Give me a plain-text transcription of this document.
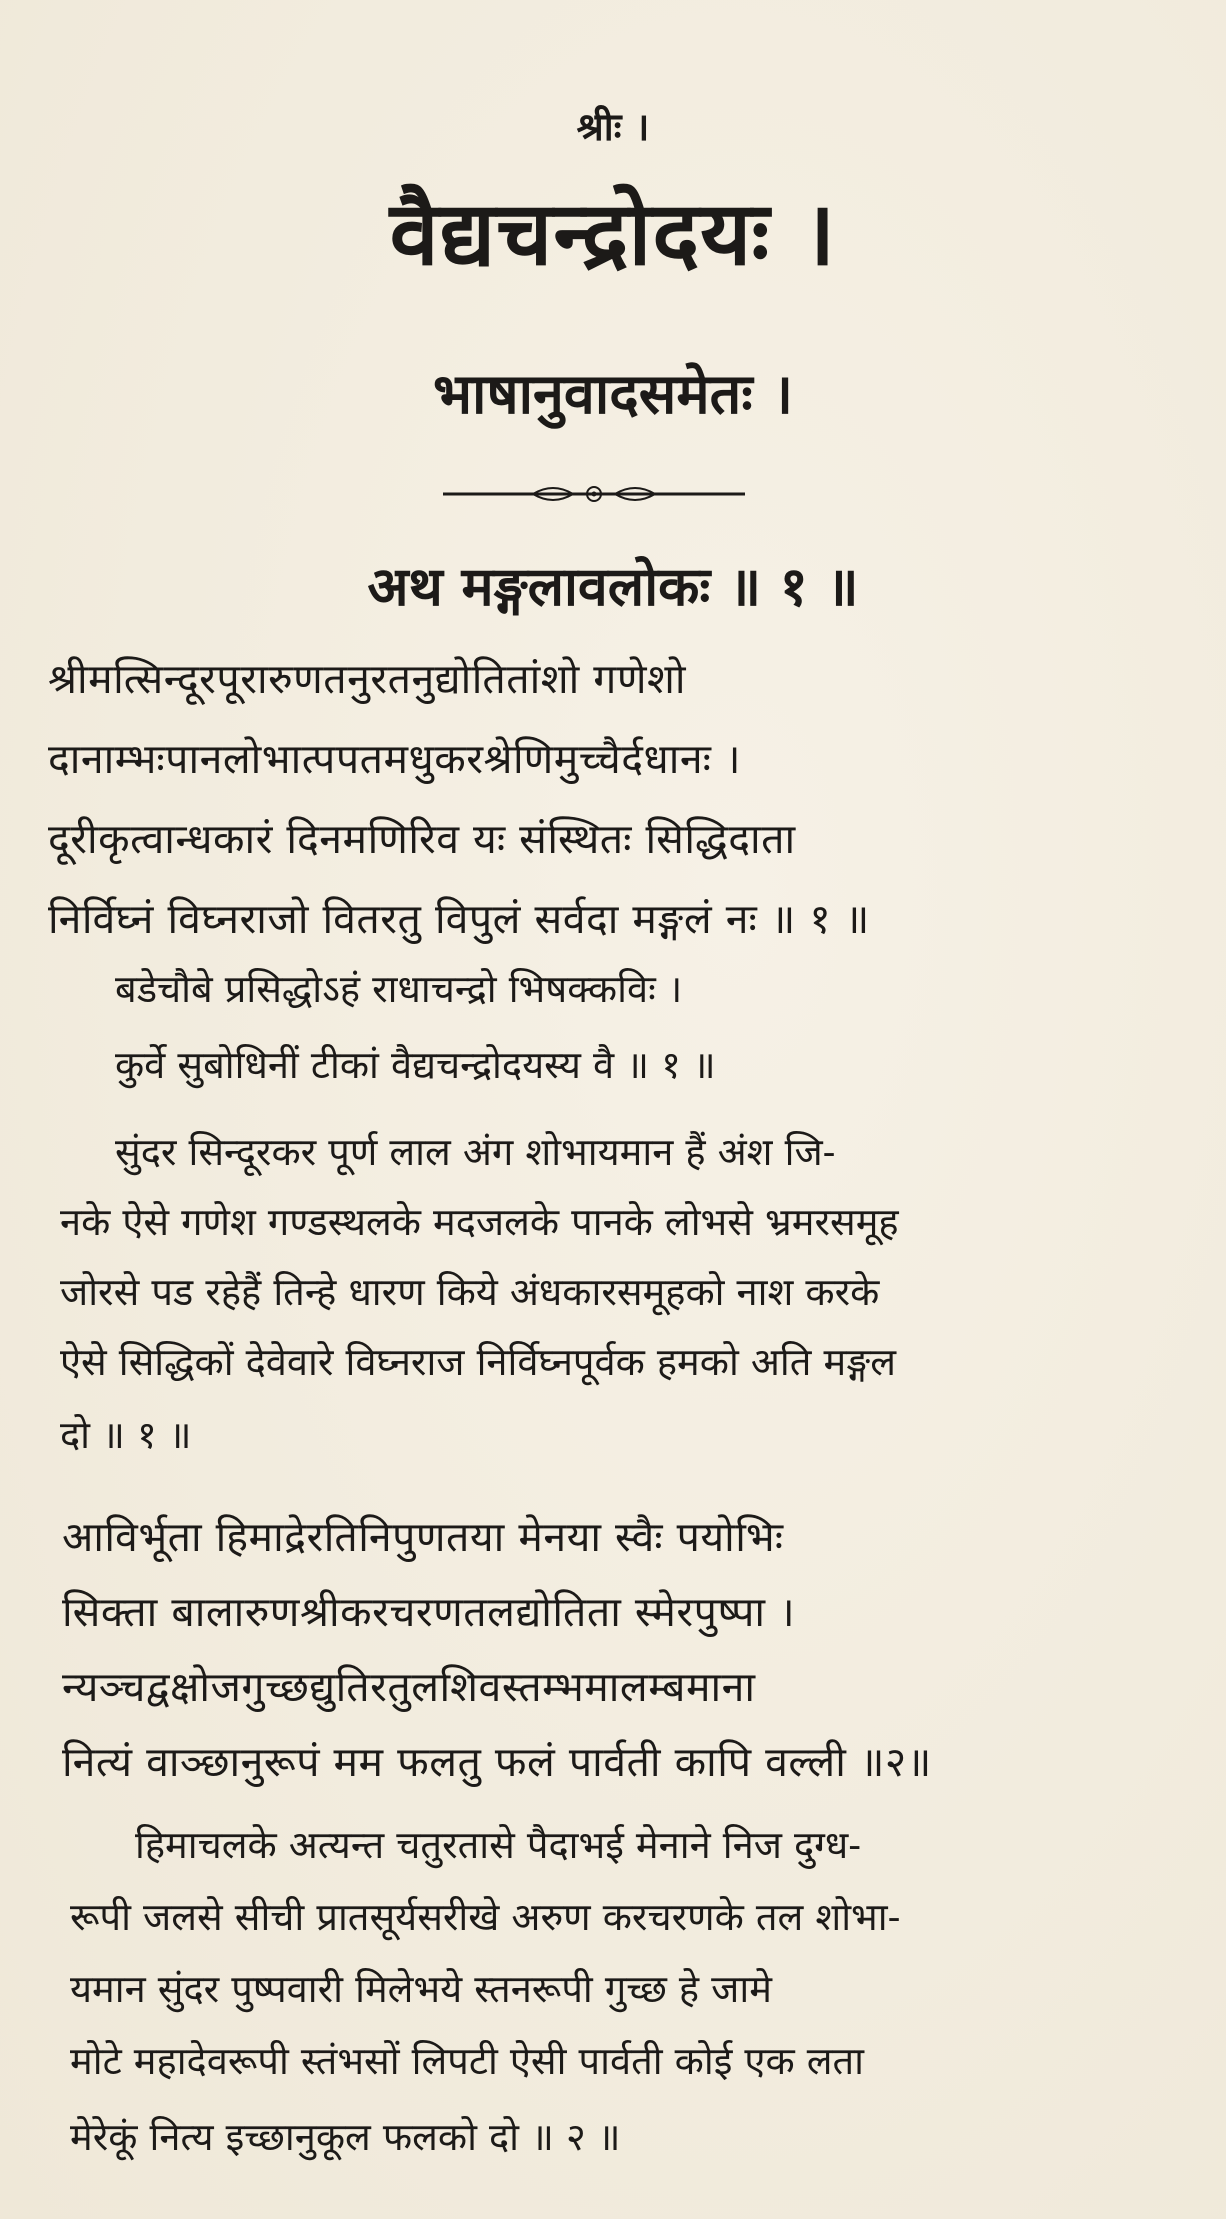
श्रीः ।
वैद्यचन्द्रोदयः ।
भाषानुवादसमेतः ।
अथ मङ्गलावलोकः ॥ १ ॥
श्रीमत्सिन्दूरपूरारुणतनुरतनुद्योतितांशो गणेशो
दानाम्भःपानलोभात्पपतमधुकरश्रेणिमुच्चैर्दधानः ।
दूरीकृत्वान्धकारं दिनमणिरिव यः संस्थितः सिद्धिदाता
निर्विघ्नं विघ्नराजो वितरतु विपुलं सर्वदा मङ्गलं नः ॥ १ ॥
बडेचौबे प्रसिद्धोऽहं राधाचन्द्रो भिषक्कविः ।
कुर्वे सुबोधिनीं टीकां वैद्यचन्द्रोदयस्य वै ॥ १ ॥
सुंदर सिन्दूरकर पूर्ण लाल अंग शोभायमान हैं अंश जि-
नके ऐसे गणेश गण्डस्थलके मदजलके पानके लोभसे भ्रमरसमूह
जोरसे पड रहेहैं तिन्हे धारण किये अंधकारसमूहको नाश करके
ऐसे सिद्धिकों देवेवारे विघ्नराज निर्विघ्नपूर्वक हमको अति मङ्गल
दो ॥ १ ॥
आविर्भूता हिमाद्रेरतिनिपुणतया मेनया स्वैः पयोभिः
सिक्ता बालारुणश्रीकरचरणतलद्योतिता स्मेरपुष्पा ।
न्यञ्चद्वक्षोजगुच्छद्युतिरतुलशिवस्तम्भमालम्बमाना
नित्यं वाञ्छानुरूपं मम फलतु फलं पार्वती कापि वल्ली ॥२॥
हिमाचलके अत्यन्त चतुरतासे पैदाभई मेनाने निज दुग्ध-
रूपी जलसे सीची प्रातसूर्यसरीखे अरुण करचरणके तल शोभा-
यमान सुंदर पुष्पवारी मिलेभये स्तनरूपी गुच्छ हे जामे
मोटे महादेवरूपी स्तंभसों लिपटी ऐसी पार्वती कोई एक लता
मेरेकूं नित्य इच्छानुकूल फलको दो ॥ २ ॥
